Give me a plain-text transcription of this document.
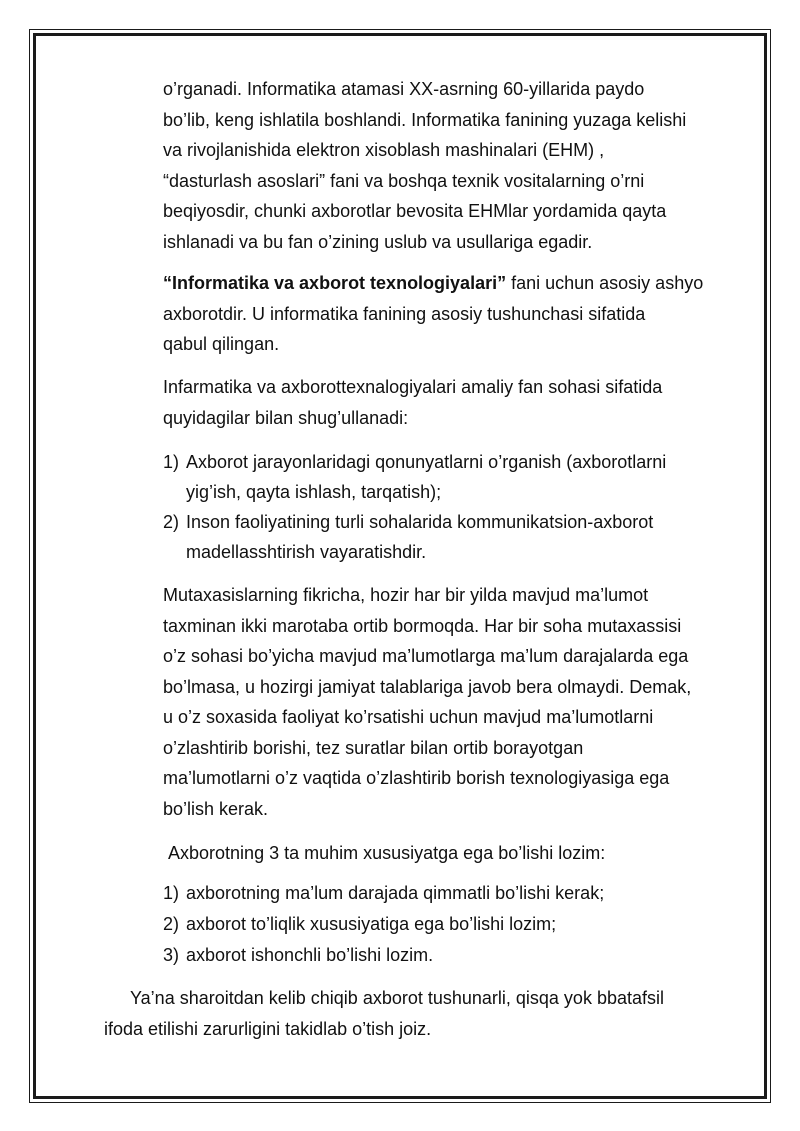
o’rganadi. Informatika atamasi XX-asrning 60-yillarida paydo
bo’lib, keng ishlatila boshlandi. Informatika fanining yuzaga kelishi
va rivojlanishida elektron xisoblash mashinalari (EHM) ,
“dasturlash asoslari” fani va boshqa texnik vositalarning o’rni
beqiyosdir, chunki axborotlar bevosita EHMlar yordamida qayta
ishlanadi va bu fan o’zining uslub va usullariga egadir.

“Informatika va axborot texnologiyalari” fani uchun asosiy ashyo
axborotdir. U informatika fanining asosiy tushunchasi sifatida
qabul qilingan.

Infarmatika va axborottexnalogiyalari amaliy fan sohasi sifatida
quyidagilar bilan shug’ullanadi:

1) Axborot jarayonlaridagi qonunyatlarni o’rganish (axborotlarni
yig’ish, qayta ishlash, tarqatish);
2) Inson faoliyatining turli sohalarida kommunikatsion-axborot
madellasshtirish vayaratishdir.

Mutaxasislarning fikricha, hozir har bir yilda mavjud ma’lumot
taxminan ikki marotaba ortib bormoqda. Har bir soha mutaxassisi
o’z sohasi bo’yicha mavjud ma’lumotlarga ma’lum darajalarda ega
bo’lmasa, u hozirgi jamiyat talablariga javob bera olmaydi. Demak,
u o’z soxasida faoliyat ko’rsatishi uchun mavjud ma’lumotlarni
o’zlashtirib borishi, tez suratlar bilan ortib borayotgan
ma’lumotlarni o’z vaqtida o’zlashtirib borish texnologiyasiga ega
bo’lish kerak.

Axborotning 3 ta muhim xususiyatga ega bo’lishi lozim:

1) axborotning ma’lum darajada qimmatli bo’lishi kerak;
2) axborot to’liqlik xususiyatiga ega bo’lishi lozim;
3) axborot ishonchli bo’lishi lozim.

Ya’na sharoitdan kelib chiqib axborot tushunarli, qisqa yok bbatafsil
ifoda etilishi zarurligini takidlab o’tish joiz.
